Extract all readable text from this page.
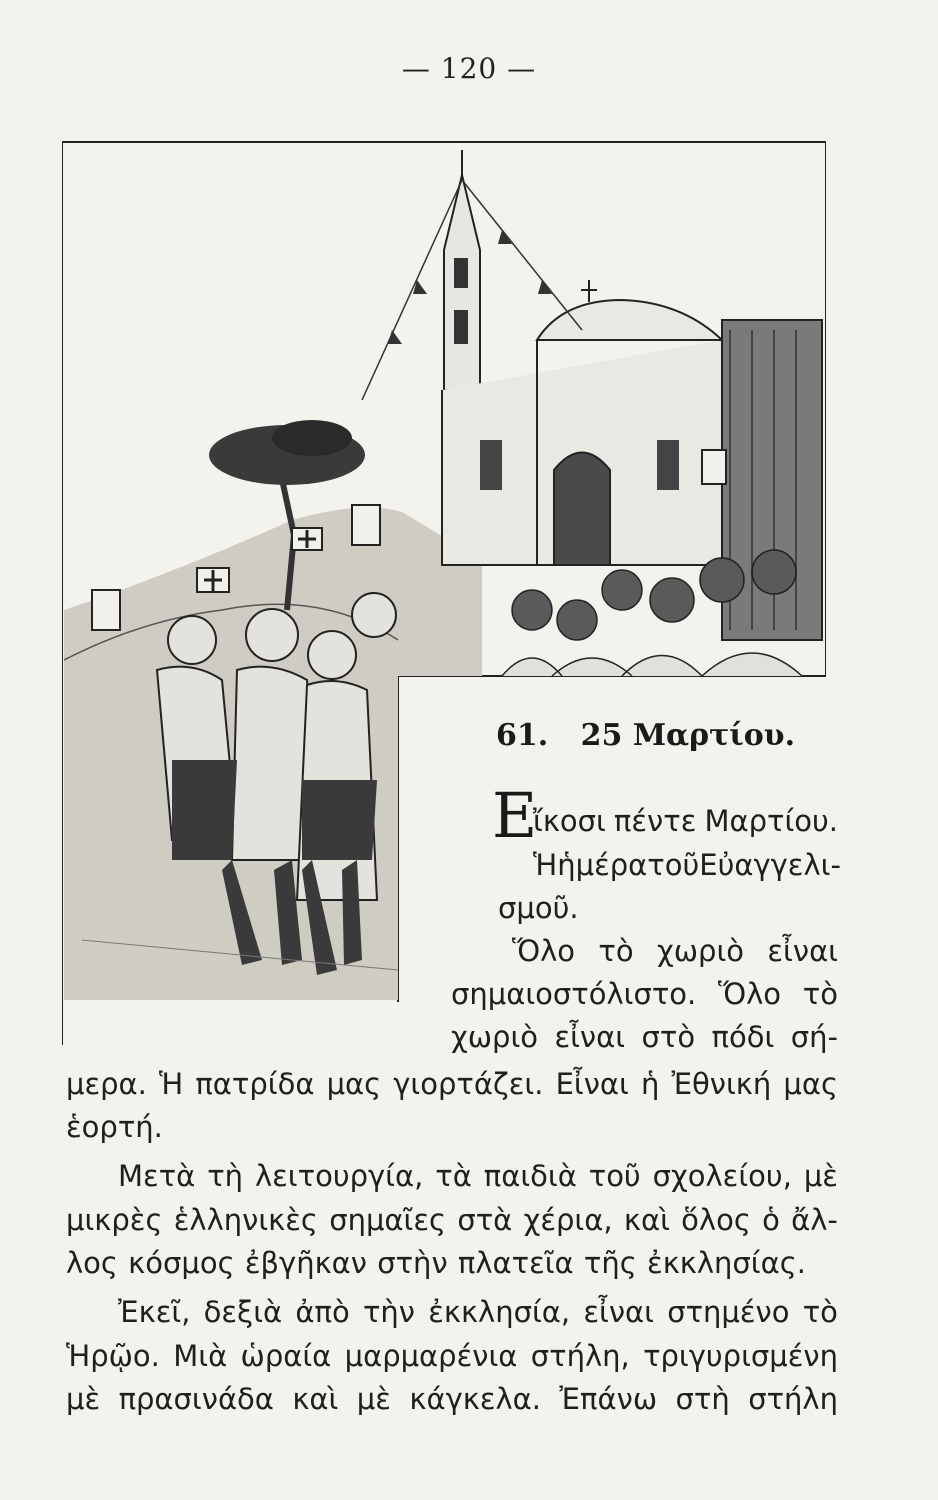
— 120 —
61. 25 Μαρτίου.
E
ἴκοσι πέντε Μαρτίου.
Ἡ ἡμέρα τοῦ Εὐαγγελι-
σμοῦ.
Ὅλο τὸ χωριὸ εἶναι
σημαιοστόλιστο. Ὅλο τὸ
χωριὸ εἶναι στὸ πόδι σή-
μερα. Ἡ πατρίδα μας γιορτάζει. Εἶναι ἡ Ἐθνική μας
ἑορτή.
Μετὰ τὴ λειτουργία, τὰ παιδιὰ τοῦ σχολείου, μὲ
μικρὲς ἑλληνικὲς σημαῖες στὰ χέρια, καὶ ὅλος ὁ ἄλ-
λος κόσμος ἐβγῆκαν στὴν πλατεῖα τῆς ἐκκλησίας.
Ἐκεῖ, δεξιὰ ἀπὸ τὴν ἐκκλησία, εἶναι στημένο τὸ
Ἡρῷο. Μιὰ ὡραία μαρμαρένια στήλη, τριγυρισμένη
μὲ πρασινάδα καὶ μὲ κάγκελα. Ἐπάνω στὴ στήλη
